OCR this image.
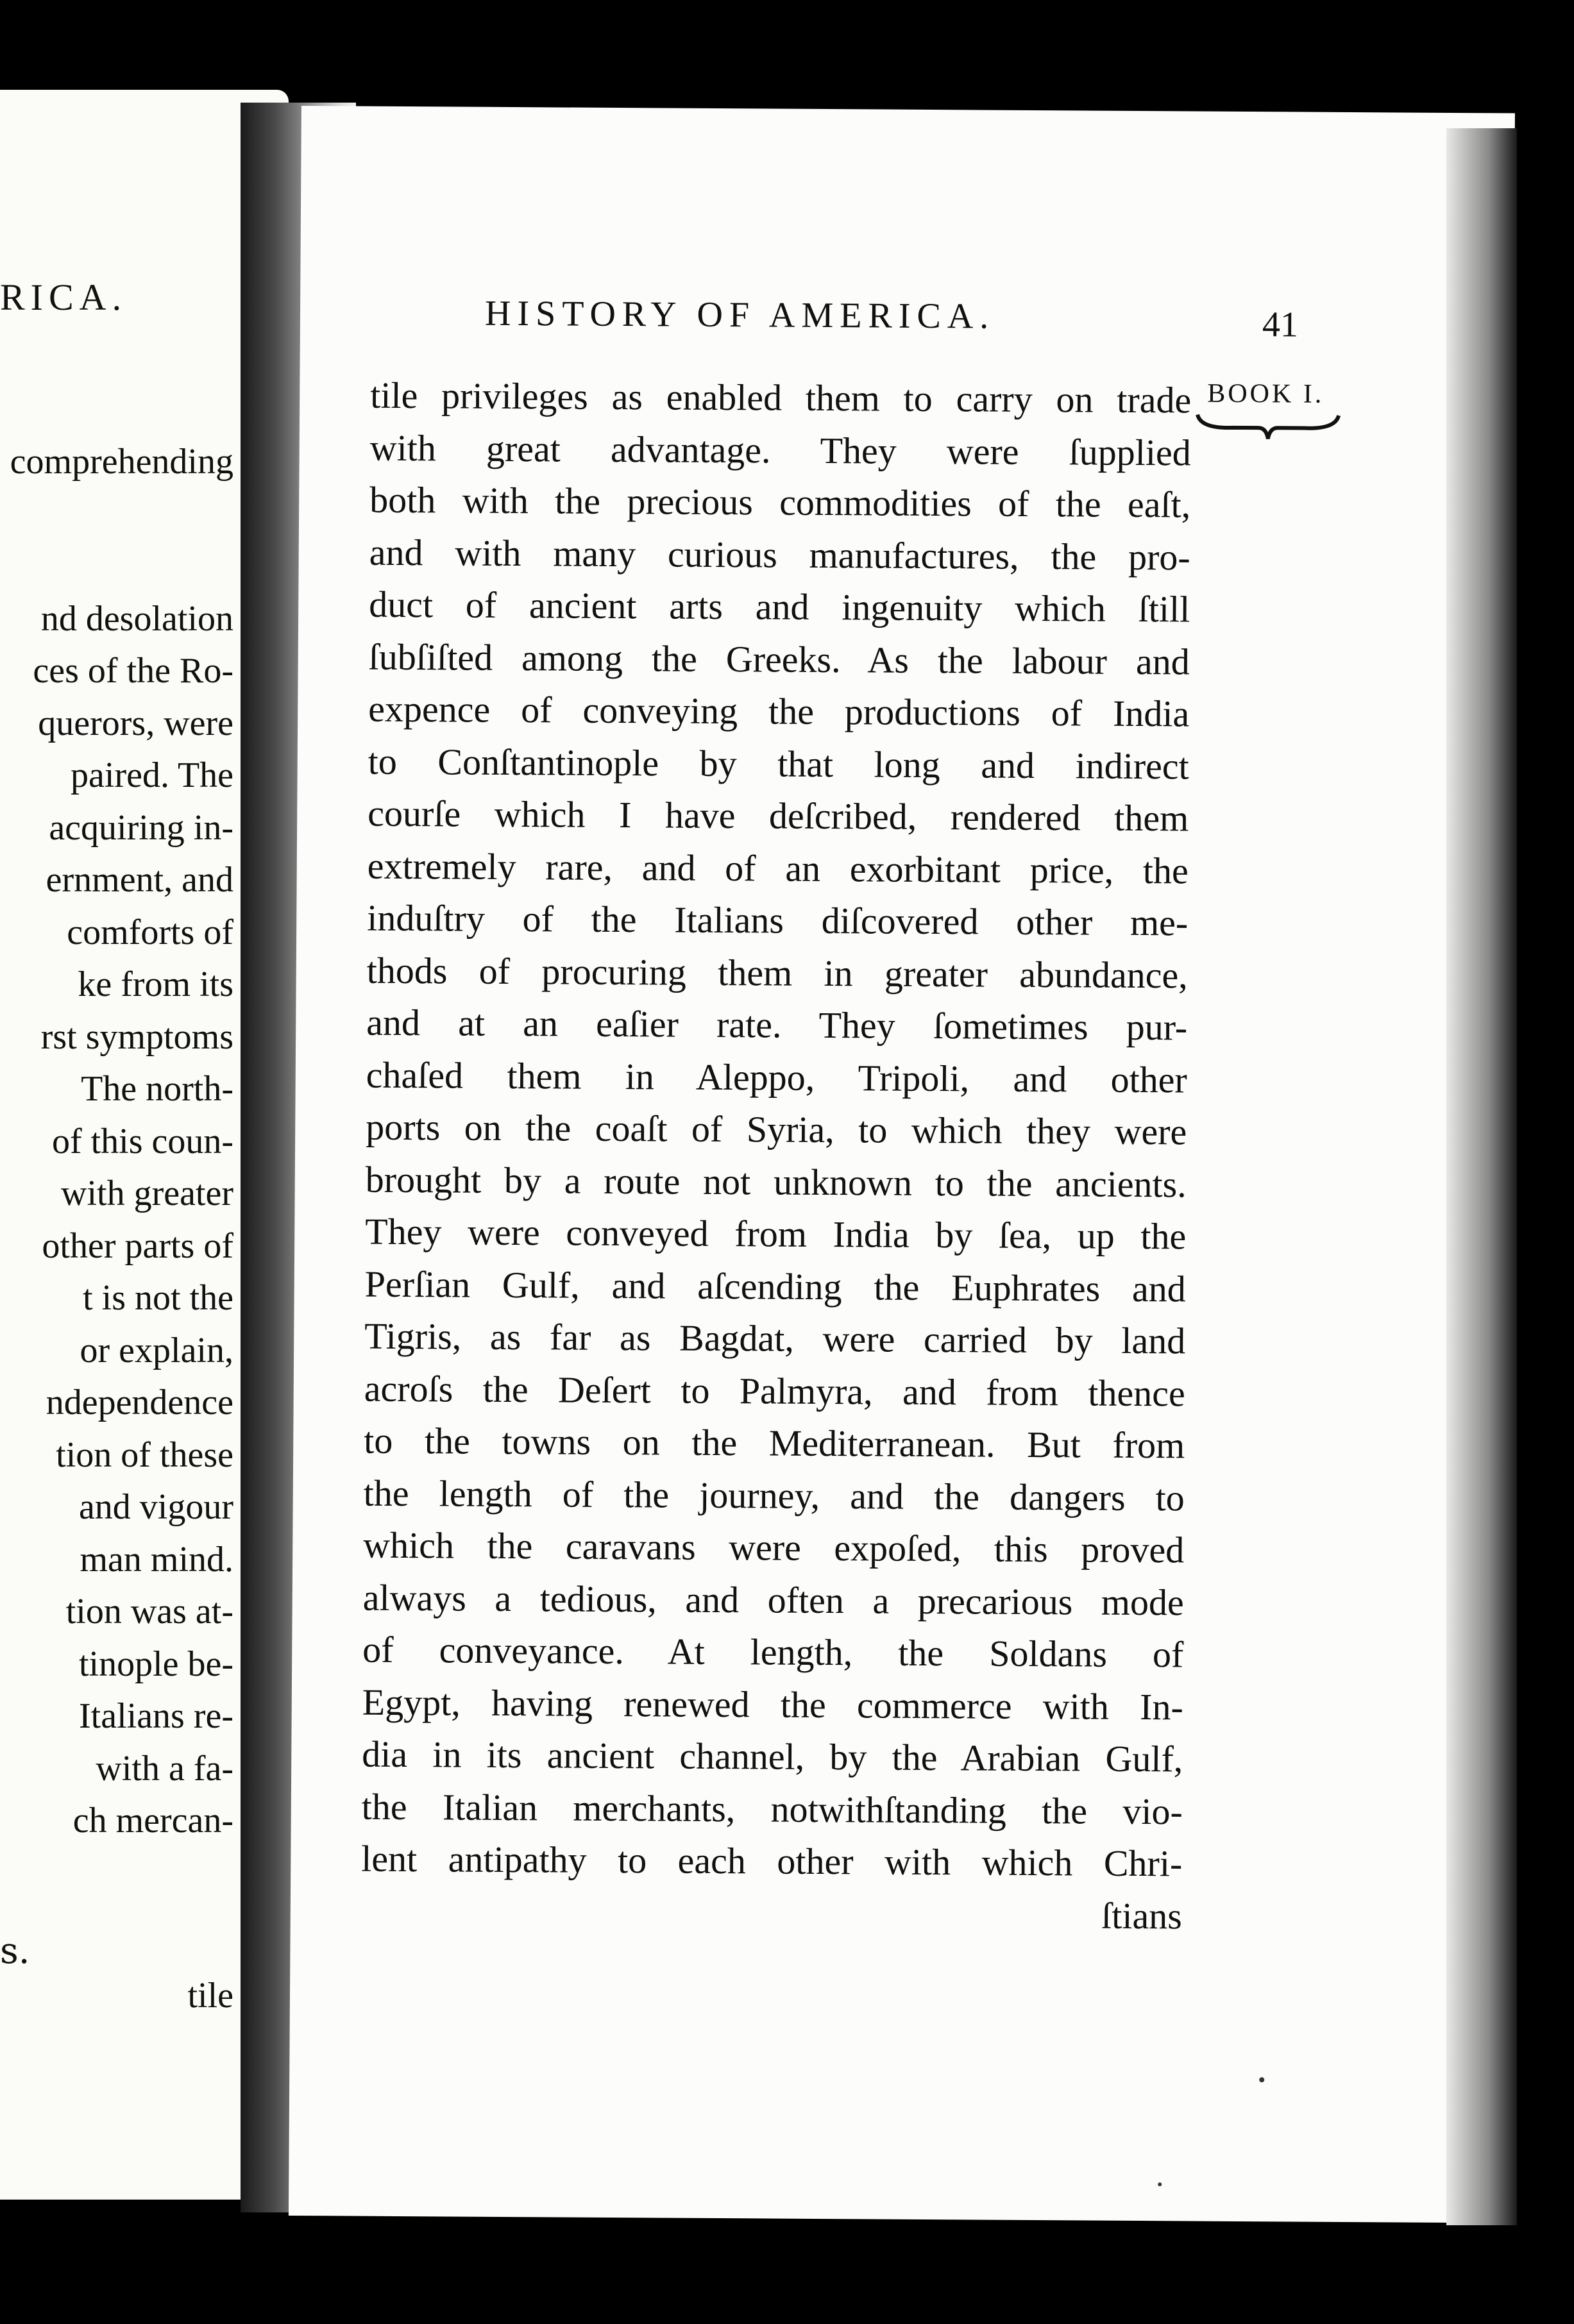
RICA.
comprehending
nd desolation
ces of the Ro-
querors, were
paired. The
acquiring in-
ernment, and
comforts of
ke from its
rst symptoms
The north-
of this coun-
with greater
other parts of
t is not the
or explain,
ndependence
tion of these
and vigour
man mind.
tion was at-
tinople be-
Italians re-
with a fa-
ch mercan-
s.
tile
HISTORY OF AMERICA.	41
BOOK I.
tile privileges as enabled them to carry on trade
with great advantage. They were ſupplied
both with the precious commodities of the eaſt,
and with many curious manufactures, the pro-
duct of ancient arts and ingenuity which ſtill
ſubſiſted among the Greeks. As the labour and
expence of conveying the productions of India
to Conſtantinople by that long and indirect
courſe which I have deſcribed, rendered them
extremely rare, and of an exorbitant price, the
induſtry of the Italians diſcovered other me-
thods of procuring them in greater abundance,
and at an eaſier rate. They ſometimes pur-
chaſed them in Aleppo, Tripoli, and other
ports on the coaſt of Syria, to which they were
brought by a route not unknown to the ancients.
They were conveyed from India by ſea, up the
Perſian Gulf, and aſcending the Euphrates and
Tigris, as far as Bagdat, were carried by land
acroſs the Deſert to Palmyra, and from thence
to the towns on the Mediterranean. But from
the length of the journey, and the dangers to
which the caravans were expoſed, this proved
always a tedious, and often a precarious mode
of conveyance. At length, the Soldans of
Egypt, having renewed the commerce with In-
dia in its ancient channel, by the Arabian Gulf,
the Italian merchants, notwithſtanding the vio-
lent antipathy to each other with which Chri-
ſtians
